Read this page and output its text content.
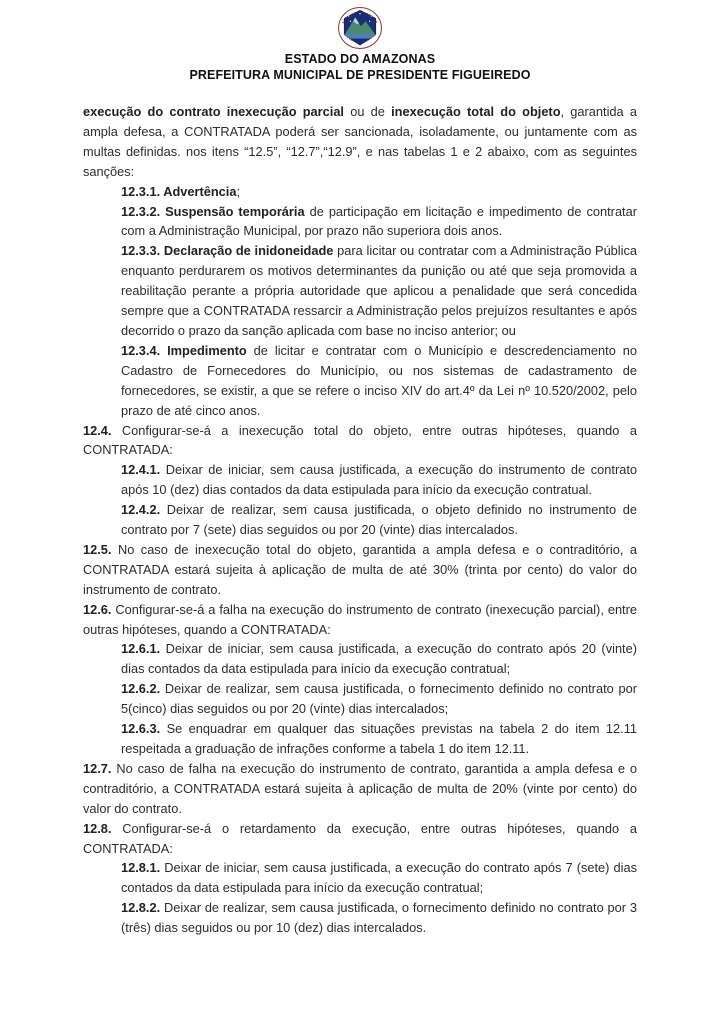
ESTADO DO AMAZONAS
PREFEITURA MUNICIPAL DE PRESIDENTE FIGUEIREDO

execução do contrato inexecução parcial ou de inexecução total do objeto, garantida a ampla defesa, a CONTRATADA poderá ser sancionada, isoladamente, ou juntamente com as multas definidas. nos itens “12.5”, “12.7”,“12.9”, e nas tabelas 1 e 2 abaixo, com as seguintes sanções:

12.3.1. Advertência;

12.3.2. Suspensão temporária de participação em licitação e impedimento de contratar com a Administração Municipal, por prazo não superiora dois anos.

12.3.3. Declaração de inidoneidade para licitar ou contratar com a Administração Pública enquanto perdurarem os motivos determinantes da punição ou até que seja promovida a reabilitação perante a própria autoridade que aplicou a penalidade que será concedida sempre que a CONTRATADA ressarcir a Administração pelos prejuízos resultantes e após decorrido o prazo da sanção aplicada com base no inciso anterior; ou

12.3.4. Impedimento de licitar e contratar com o Município e descredenciamento no Cadastro de Fornecedores do Município, ou nos sistemas de cadastramento de fornecedores, se existir, a que se refere o inciso XIV do art.4º da Lei nº 10.520/2002, pelo prazo de até cinco anos.

12.4. Configurar-se-á a inexecução total do objeto, entre outras hipóteses, quando a CONTRATADA:

12.4.1. Deixar de iniciar, sem causa justificada, a execução do instrumento de contrato após 10 (dez) dias contados da data estipulada para início da execução contratual.

12.4.2. Deixar de realizar, sem causa justificada, o objeto definido no instrumento de contrato por 7 (sete) dias seguidos ou por 20 (vinte) dias intercalados.

12.5. No caso de inexecução total do objeto, garantida a ampla defesa e o contraditório, a CONTRATADA estará sujeita à aplicação de multa de até 30% (trinta por cento) do valor do instrumento de contrato.

12.6. Configurar-se-á a falha na execução do instrumento de contrato (inexecução parcial), entre outras hipóteses, quando a CONTRATADA:

12.6.1. Deixar de iniciar, sem causa justificada, a execução do contrato após 20 (vinte) dias contados da data estipulada para início da execução contratual;

12.6.2. Deixar de realizar, sem causa justificada, o fornecimento definido no contrato por 5(cinco) dias seguidos ou por 20 (vinte) dias intercalados;

12.6.3. Se enquadrar em qualquer das situações previstas na tabela 2 do item 12.11 respeitada a graduação de infrações conforme a tabela 1 do item 12.11.

12.7. No caso de falha na execução do instrumento de contrato, garantida a ampla defesa e o contraditório, a CONTRATADA estará sujeita à aplicação de multa de 20% (vinte por cento) do valor do contrato.

12.8. Configurar-se-á o retardamento da execução, entre outras hipóteses, quando a CONTRATADA:

12.8.1. Deixar de iniciar, sem causa justificada, a execução do contrato após 7 (sete) dias contados da data estipulada para início da execução contratual;

12.8.2. Deixar de realizar, sem causa justificada, o fornecimento definido no contrato por 3 (três) dias seguidos ou por 10 (dez) dias intercalados.
